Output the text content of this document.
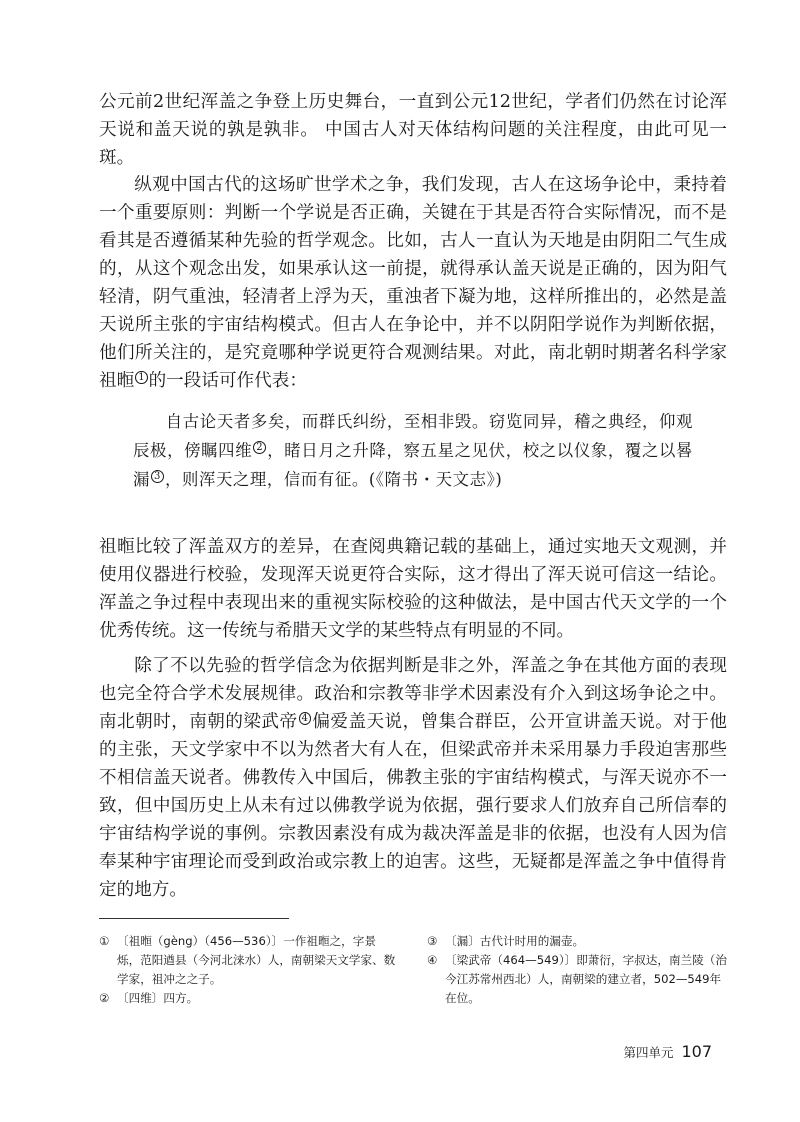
公元前2世纪浑盖之争登上历史舞台，一直到公元12世纪，学者们仍然在讨论浑天说和盖天说的孰是孰非。 中国古人对天体结构问题的关注程度，由此可见一斑。

纵观中国古代的这场旷世学术之争，我们发现，古人在这场争论中，秉持着一个重要原则：判断一个学说是否正确，关键在于其是否符合实际情况，而不是看其是否遵循某种先验的哲学观念。比如，古人一直认为天地是由阴阳二气生成的，从这个观念出发，如果承认这一前提，就得承认盖天说是正确的，因为阳气轻清，阴气重浊，轻清者上浮为天，重浊者下凝为地，这样所推出的，必然是盖天说所主张的宇宙结构模式。但古人在争论中，并不以阴阳学说作为判断依据，他们所关注的，是究竟哪种学说更符合观测结果。对此，南北朝时期著名科学家祖暅 $^1$ 的一段话可作代表：

自古论天者多矣，而群氏纠纷，至相非毁。窃览同异，稽之典经，仰观辰极，傍瞩四维 $^2$ ，睹日月之升降，察五星之见伏，校之以仪象，覆之以晷漏 $^3$ ，则浑天之理，信而有征。(《隋书・天文志》)

祖暅比较了浑盖双方的差异，在查阅典籍记载的基础上，通过实地天文观测，并使用仪器进行校验，发现浑天说更符合实际，这才得出了浑天说可信这一结论。浑盖之争过程中表现出来的重视实际校验的这种做法，是中国古代天文学的一个优秀传统。这一传统与希腊天文学的某些特点有明显的不同。

除了不以先验的哲学信念为依据判断是非之外，浑盖之争在其他方面的表现也完全符合学术发展规律。政治和宗教等非学术因素没有介入到这场争论之中。南北朝时，南朝的梁武帝 $^4$ 偏爱盖天说，曾集合群臣，公开宣讲盖天说。对于他的主张，天文学家中不以为然者大有人在，但梁武帝并未采用暴力手段迫害那些不相信盖天说者。佛教传入中国后，佛教主张的宇宙结构模式，与浑天说亦不一致，但中国历史上从未有过以佛教学说为依据，强行要求人们放弃自己所信奉的宇宙结构学说的事例。宗教因素没有成为裁决浑盖是非的依据，也没有人因为信奉某种宇宙理论而受到政治或宗教上的迫害。这些，无疑都是浑盖之争中值得肯定的地方。

① 〔祖暅（gèng）（456—536）〕一作祖暅之，字景烁，范阳遒县（今河北涞水）人，南朝梁天文学家、数学家，祖冲之之子。

② 〔四维〕四方。

③ 〔漏〕古代计时用的漏壶。

④ 〔梁武帝（464—549）〕即萧衍，字叔达，南兰陵（治今江苏常州西北）人，南朝梁的建立者，502—549年在位。

第四单元 107
